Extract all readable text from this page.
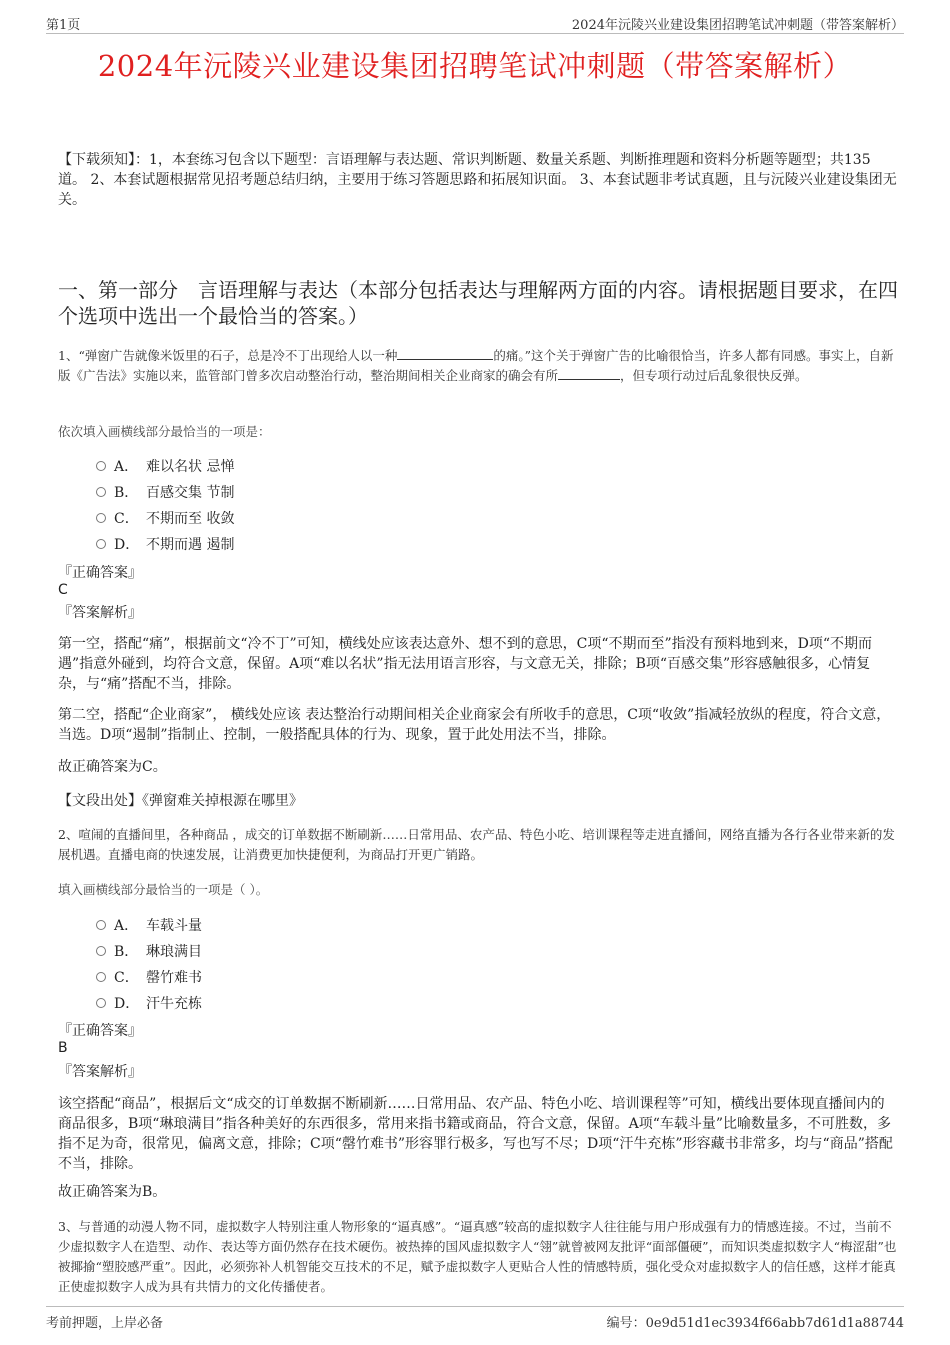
第1页	2024年沅陵兴业建设集团招聘笔试冲刺题（带答案解析）
2024年沅陵兴业建设集团招聘笔试冲刺题（带答案解析）
【下载须知】：1，本套练习包含以下题型：言语理解与表达题、常识判断题、数量关系题、判断推理题和资料分析题等题型；共135道。 2、本套试题根据常见招考题总结归纳，主要用于练习答题思路和拓展知识面。 3、本套试题非考试真题，且与沅陵兴业建设集团无关。
一、第一部分　言语理解与表达（本部分包括表达与理解两方面的内容。请根据题目要求，在四个选项中选出一个最恰当的答案。）
1、“弹窗广告就像米饭里的石子，总是冷不丁出现给人以一种	的痛。”这个关于弹窗广告的比喻很恰当，许多人都有同感。事实上，自新版《广告法》实施以来，监管部门曾多次启动整治行动，整治期间相关企业商家的确会有所	，但专项行动过后乱象很快反弹。
依次填入画横线部分最恰当的一项是：
A． 难以名状 忌惮
B． 百感交集 节制
C． 不期而至 收敛
D． 不期而遇 遏制
『正确答案』
C
『答案解析』
第一空，搭配“痛”，根据前文“冷不丁”可知，横线处应该表达意外、想不到的意思，C项“不期而至”指没有预料地到来，D项“不期而遇”指意外碰到，均符合文意，保留。A项“难以名状”指无法用语言形容，与文意无关，排除；B项“百感交集”形容感触很多，心情复杂，与“痛”搭配不当，排除。
第二空，搭配“企业商家”， 横线处应该 表达整治行动期间相关企业商家会有所收手的意思，C项“收敛”指减轻放纵的程度，符合文意，当选。D项“遏制”指制止、控制，一般搭配具体的行为、现象，置于此处用法不当，排除。
故正确答案为C。
【文段出处】《弹窗难关掉根源在哪里》
2、喧闹的直播间里，各种商品 ，成交的订单数据不断刷新……日常用品、农产品、特色小吃、培训课程等走进直播间，网络直播为各行各业带来新的发展机遇。直播电商的快速发展，让消费更加快捷便利，为商品打开更广销路。
填入画横线部分最恰当的一项是（ ）。
A． 车载斗量
B． 琳琅满目
C． 罄竹难书
D． 汗牛充栋
『正确答案』
B
『答案解析』
该空搭配“商品”，根据后文“成交的订单数据不断刷新……日常用品、农产品、特色小吃、培训课程等”可知，横线出要体现直播间内的商品很多，B项“琳琅满目”指各种美好的东西很多，常用来指书籍或商品，符合文意，保留。A项“车载斗量”比喻数量多，不可胜数，多指不足为奇，很常见，偏离文意，排除；C项“罄竹难书”形容罪行极多，写也写不尽；D项“汗牛充栋”形容藏书非常多，均与“商品”搭配不当，排除。
故正确答案为B。
3、与普通的动漫人物不同，虚拟数字人特别注重人物形象的“逼真感”。“逼真感”较高的虚拟数字人往往能与用户形成强有力的情感连接。不过，当前不少虚拟数字人在造型、动作、表达等方面仍然存在技术硬伤。被热捧的国风虚拟数字人“翎”就曾被网友批评“面部僵硬”，而知识类虚拟数字人“梅涩甜”也被揶揄“塑胶感严重”。因此，必须弥补人机智能交互技术的不足，赋予虚拟数字人更贴合人性的情感特质，强化受众对虚拟数字人的信任感，这样才能真正使虚拟数字人成为具有共情力的文化传播使者。
考前押题，上岸必备	编号：0e9d51d1ec3934f66abb7d61d1a88744
